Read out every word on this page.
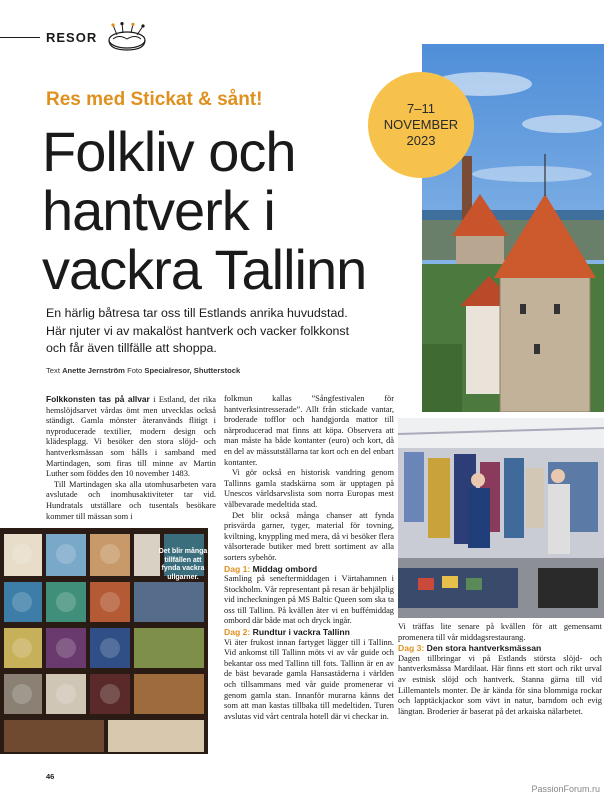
RESOR
Res med Stickat & sånt!
Folkliv och
hantverk i
vackra Tallinn
7–11
NOVEMBER
2023

En härlig båtresa tar oss till Estlands anrika huvudstad.

Här njuter vi av makalöst hantverk och vacker folkkonst

och får även tillfälle att shoppa.

Text Anette Jernström Foto Specialresor, Shutterstock

Folkkonsten tas på allvar i Estland, det rika hemslöjdsarvet vårdas ömt men utvecklas också ständigt. Gamla mönster återanvänds flitigt i nyproducerade textilier, modern design och klädesplagg. Vi besöker den stora slöjd- och hantverksmässan som hålls i samband med Martindagen, som firas till minne av Martin Luther som föddes den 10 november 1483.

Till Martindagen ska alla utomhusarbeten vara avslutade och inomhusaktiviteter tar vid. Hundratals utställare och tusentals besökare kommer till mässan som i

Det blir många tillfällen att fynda vackra ullgarner.

folkmun kallas ”Sångfestivalen för hantverksintresserade”. Allt från stickade vantar, broderade tofflor och handgjorda mattor till närproducerad mat finns att köpa. Observera att man måste ha både kontanter (euro) och kort, då en del av mässutställarna tar kort och en del enbart kontanter.

Vi gör också en historisk vandring genom Tallinns gamla stadskärna som är upptagen på Unescos världsarvslista som norra Europas mest välbevarade medeltida stad.

Det blir också många chanser att fynda prisvärda garner, tyger, material för tovning, kviltning, knyppling med mera, då vi besöker flera välsorterade butiker med brett sortiment av alla sorters sybehör.

Dag 1: Middag ombord

Samling på seneftermiddagen i Värtahamnen i Stockholm. Vår representant på resan är behjälplig vid incheckningen på MS Baltic Queen som ska ta oss till Tallinn. På kvällen äter vi en buffémiddag ombord där både mat och dryck ingår.

Dag 2: Rundtur i vackra Tallinn

Vi äter frukost innan fartyget lägger till i Tallinn. Vid ankomst till Tallinn möts vi av vår guide och bekantar oss med Tallinn till fots. Tallinn är en av de bäst bevarade gamla Hansastäderna i världen och tillsammans med vår guide promenerar vi genom gamla stan. Innanför murarna känns det som att man kastas tillbaka till medeltiden. Turen avslutas vid vårt centrala hotell där vi checkar in.

Vi träffas lite senare på kvällen för att gemensamt promenera till vår middagsrestaurang.

Dag 3: Den stora hantverksmässan

Dagen tillbringar vi på Estlands största slöjd- och hantverksmässa Mardilaat. Här finns ett stort och rikt urval av estnisk slöjd och hantverk. Stanna gärna till vid Lillemantels monter. De är kända för sina blommiga rockar och lapptäckjackor som vävt in natur, barndom och evig längtan. Broderier är baserat på det arkaiska nälarbetet.

46
PassionForum.ru
